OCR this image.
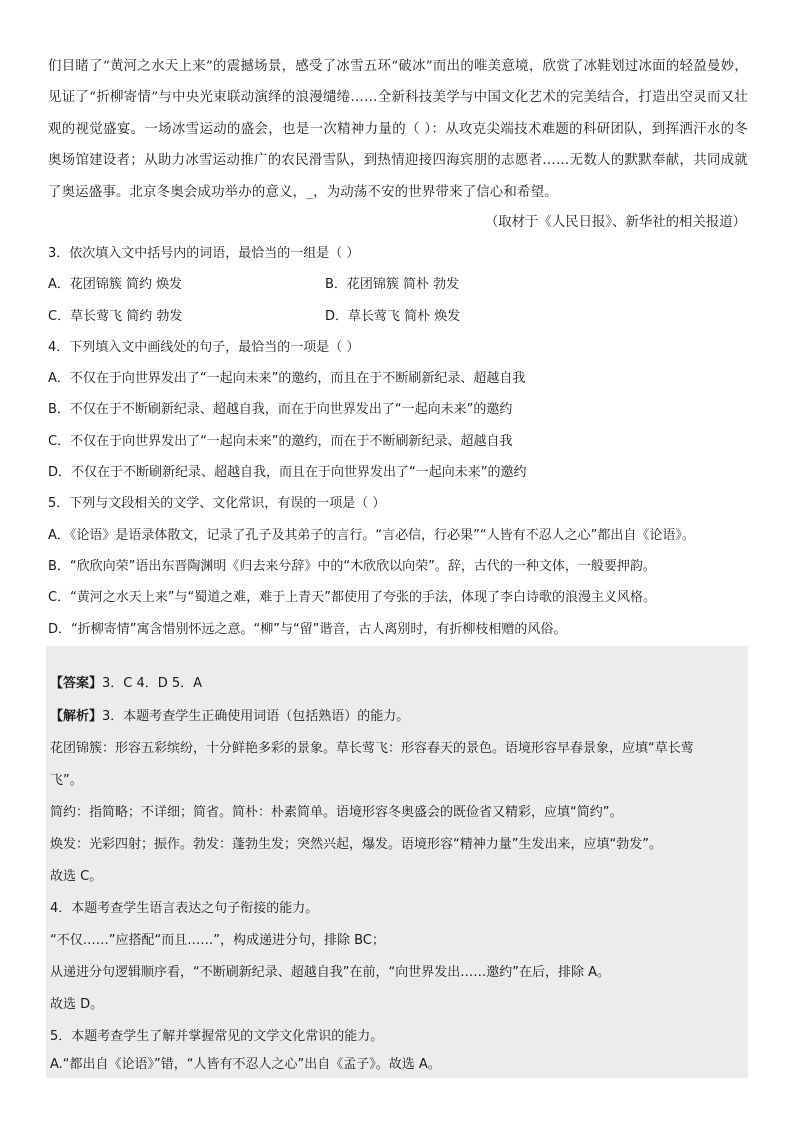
们目睹了“黄河之水天上来”的震撼场景，感受了冰雪五环“破冰”而出的唯美意境，欣赏了冰鞋划过冰面的轻盈曼妙，见证了“折柳寄情”与中央光束联动演绎的浪漫缱绻……全新科技美学与中国文化艺术的完美结合，打造出空灵而又壮观的视觉盛宴。一场冰雪运动的盛会，也是一次精神力量的（ ）：从攻克尖端技术难题的科研团队，到挥洒汗水的冬奥场馆建设者；从助力冰雪运动推广的农民滑雪队，到热情迎接四海宾朋的志愿者……无数人的默默奉献，共同成就了奥运盛事。北京冬奥会成功举办的意义，_，为动荡不安的世界带来了信心和希望。

（取材于《人民日报》、新华社的相关报道）
3．依次填入文中括号内的词语，最恰当的一组是（ ）
A．花团锦簇 简约 焕发	B．花团锦簇 简朴 勃发
C．草长莺飞 简约 勃发	D．草长莺飞 简朴 焕发
4．下列填入文中画线处的句子，最恰当的一项是（ ）
A．不仅在于向世界发出了“一起向未来”的邀约，而且在于不断刷新纪录、超越自我
B．不仅在于不断刷新纪录、超越自我，而在于向世界发出了“一起向未来”的邀约
C．不仅在于向世界发出了“一起向未来”的邀约，而在于不断刷新纪录、超越自我
D．不仅在于不断刷新纪录、超越自我，而且在于向世界发出了“一起向未来”的邀约
5．下列与文段相关的文学、文化常识，有误的一项是（ ）
A．《论语》是语录体散文，记录了孔子及其弟子的言行。“言必信，行必果”“人皆有不忍人之心”都出自《论语》。
B．“欣欣向荣”语出东晋陶渊明《归去来兮辞》中的“木欣欣以向荣”。辞，古代的一种文体，一般要押韵。
C．“黄河之水天上来”与“蜀道之难，难于上青天”都使用了夸张的手法，体现了李白诗歌的浪漫主义风格。
D．“折柳寄情”寓含惜别怀远之意。“柳”与“留”谐音，古人离别时，有折柳枝相赠的风俗。
【答案】3．C 4．D 5．A
【解析】3．本题考查学生正确使用词语（包括熟语）的能力。
花团锦簇：形容五彩缤纷，十分鲜艳多彩的景象。草长莺飞：形容春天的景色。语境形容早春景象，应填“草长莺
飞”。
简约：指简略；不详细；简省。简朴：朴素简单。语境形容冬奥盛会的既俭省又精彩，应填“简约”。
焕发：光彩四射；振作。勃发：蓬勃生发；突然兴起，爆发。语境形容“精神力量”生发出来，应填“勃发”。
故选 C。
4．本题考查学生语言表达之句子衔接的能力。
“不仅……”应搭配“而且……”，构成递进分句，排除 BC；
从递进分句逻辑顺序看，“不断刷新纪录、超越自我”在前，“向世界发出……邀约”在后，排除 A。
故选 D。
5．本题考查学生了解并掌握常见的文学文化常识的能力。
A.“都出自《论语》”错，“人皆有不忍人之心”出自《孟子》。故选 A。
